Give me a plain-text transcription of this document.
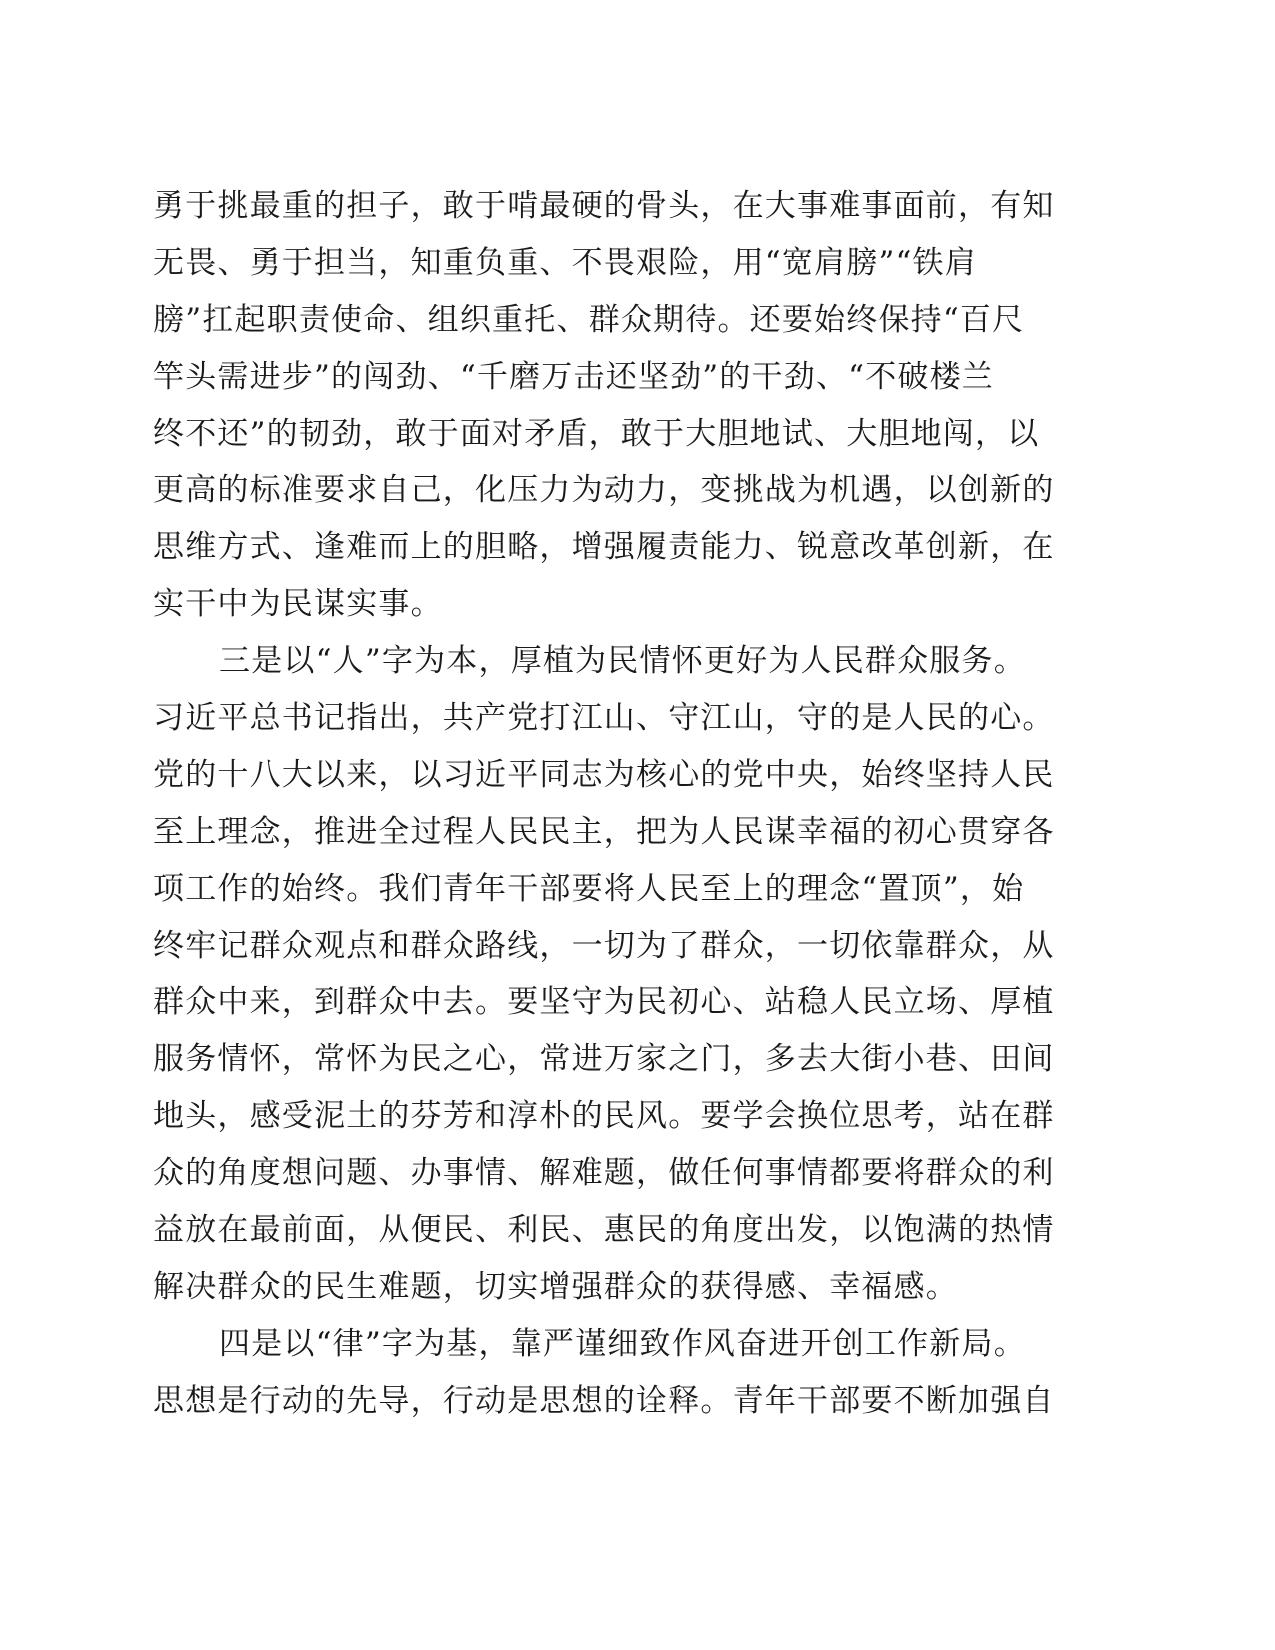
勇于挑最重的担子，敢于啃最硬的骨头，在大事难事面前，有知
无畏、勇于担当，知重负重、不畏艰险，用“宽肩膀”“铁肩
膀”扛起职责使命、组织重托、群众期待。还要始终保持“百尺
竿头需进步”的闯劲、“千磨万击还坚劲”的干劲、“不破楼兰
终不还”的韧劲，敢于面对矛盾，敢于大胆地试、大胆地闯，以
更高的标准要求自己，化压力为动力，变挑战为机遇，以创新的
思维方式、逢难而上的胆略，增强履责能力、锐意改革创新，在
实干中为民谋实事。
三是以“人”字为本，厚植为民情怀更好为人民群众服务。
习近平总书记指出，共产党打江山、守江山，守的是人民的心。
党的十八大以来，以习近平同志为核心的党中央，始终坚持人民
至上理念，推进全过程人民民主，把为人民谋幸福的初心贯穿各
项工作的始终。我们青年干部要将人民至上的理念“置顶”，始
终牢记群众观点和群众路线，一切为了群众，一切依靠群众，从
群众中来，到群众中去。要坚守为民初心、站稳人民立场、厚植
服务情怀，常怀为民之心，常进万家之门，多去大街小巷、田间
地头，感受泥土的芬芳和淳朴的民风。要学会换位思考，站在群
众的角度想问题、办事情、解难题，做任何事情都要将群众的利
益放在最前面，从便民、利民、惠民的角度出发，以饱满的热情
解决群众的民生难题，切实增强群众的获得感、幸福感。
四是以“律”字为基，靠严谨细致作风奋进开创工作新局。
思想是行动的先导，行动是思想的诠释。青年干部要不断加强自
